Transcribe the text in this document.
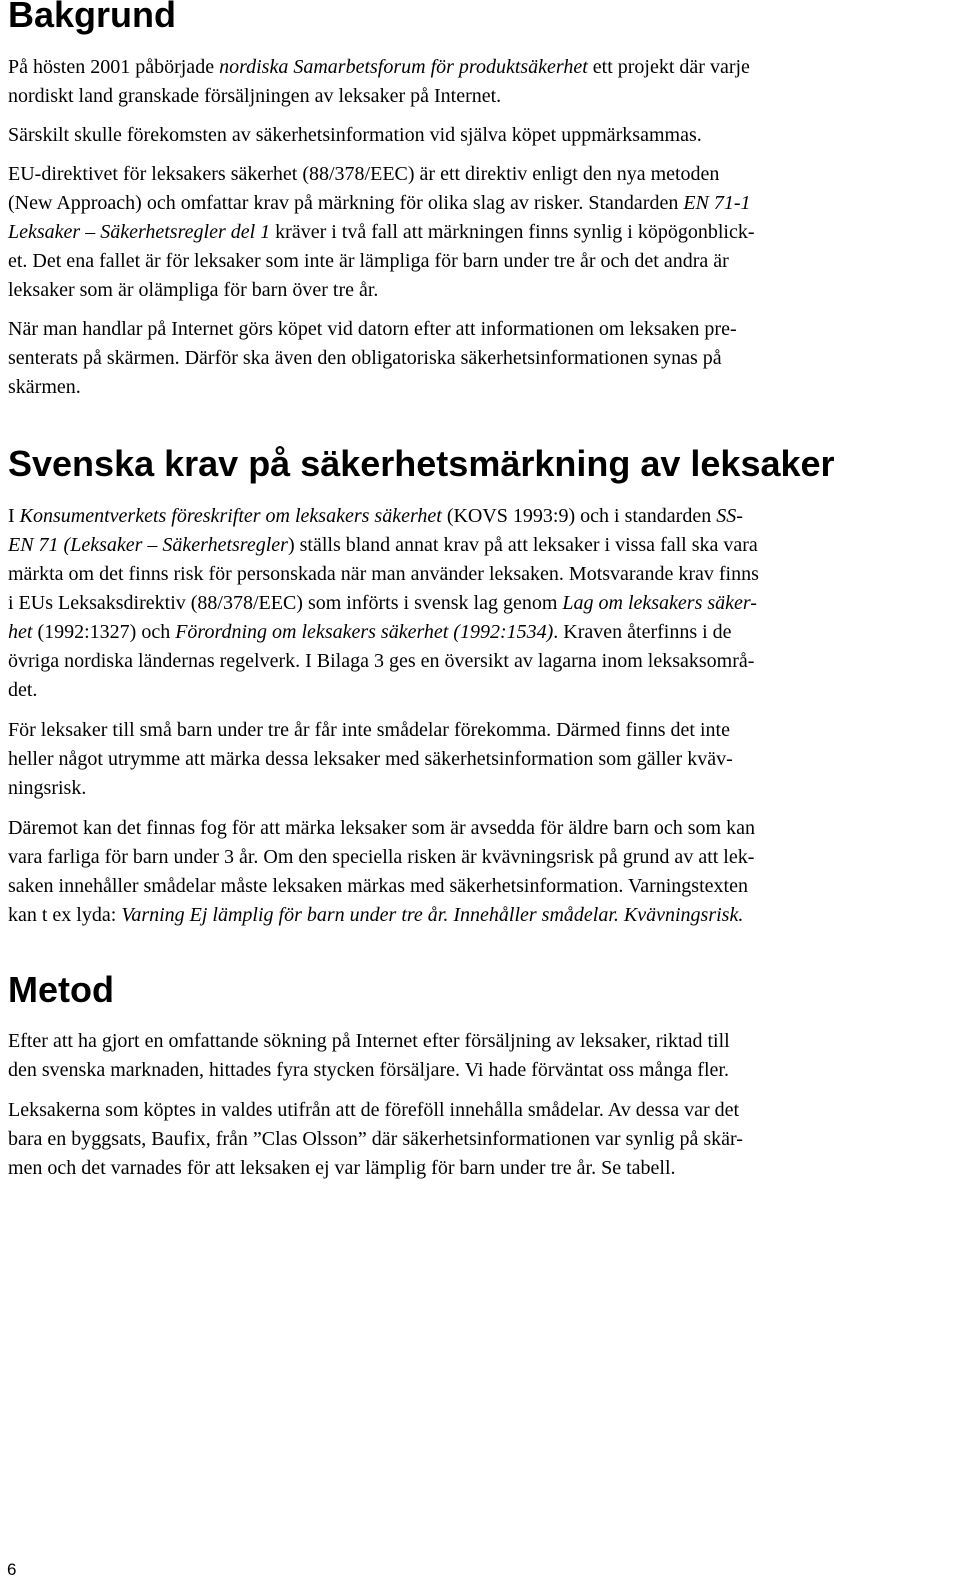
Bakgrund

På hösten 2001 påbörjade nordiska Samarbetsforum för produktsäkerhet ett projekt där varje
nordiskt land granskade försäljningen av leksaker på Internet.

Särskilt skulle förekomsten av säkerhetsinformation vid själva köpet uppmärksammas.

EU-direktivet för leksakers säkerhet (88/378/EEC) är ett direktiv enligt den nya metoden
(New Approach) och omfattar krav på märkning för olika slag av risker. Standarden EN 71-1
Leksaker – Säkerhetsregler del 1 kräver i två fall att märkningen finns synlig i köpögonblick-
et. Det ena fallet är för leksaker som inte är lämpliga för barn under tre år och det andra är
leksaker som är olämpliga för barn över tre år.

När man handlar på Internet görs köpet vid datorn efter att informationen om leksaken pre-
senterats på skärmen. Därför ska även den obligatoriska säkerhetsinformationen synas på
skärmen.

Svenska krav på säkerhetsmärkning av leksaker

I Konsumentverkets föreskrifter om leksakers säkerhet (KOVS 1993:9) och i standarden SS-
EN 71 (Leksaker – Säkerhetsregler) ställs bland annat krav på att leksaker i vissa fall ska vara
märkta om det finns risk för personskada när man använder leksaken. Motsvarande krav finns
i EUs Leksaksdirektiv (88/378/EEC) som införts i svensk lag genom Lag om leksakers säker-
het (1992:1327) och Förordning om leksakers säkerhet (1992:1534). Kraven återfinns i de
övriga nordiska ländernas regelverk. I Bilaga 3 ges en översikt av lagarna inom leksaksområ-
det.

För leksaker till små barn under tre år får inte smådelar förekomma. Därmed finns det inte
heller något utrymme att märka dessa leksaker med säkerhetsinformation som gäller kväv-
ningsrisk.

Däremot kan det finnas fog för att märka leksaker som är avsedda för äldre barn och som kan
vara farliga för barn under 3 år. Om den speciella risken är kvävningsrisk på grund av att lek-
saken innehåller smådelar måste leksaken märkas med säkerhetsinformation. Varningstexten
kan t ex lyda: Varning Ej lämplig för barn under tre år. Innehåller smådelar. Kvävningsrisk.

Metod

Efter att ha gjort en omfattande sökning på Internet efter försäljning av leksaker, riktad till
den svenska marknaden, hittades fyra stycken försäljare. Vi hade förväntat oss många fler.

Leksakerna som köptes in valdes utifrån att de föreföll innehålla smådelar. Av dessa var det
bara en byggsats, Baufix, från ”Clas Olsson” där säkerhetsinformationen var synlig på skär-
men och det varnades för att leksaken ej var lämplig för barn under tre år. Se tabell.

6
